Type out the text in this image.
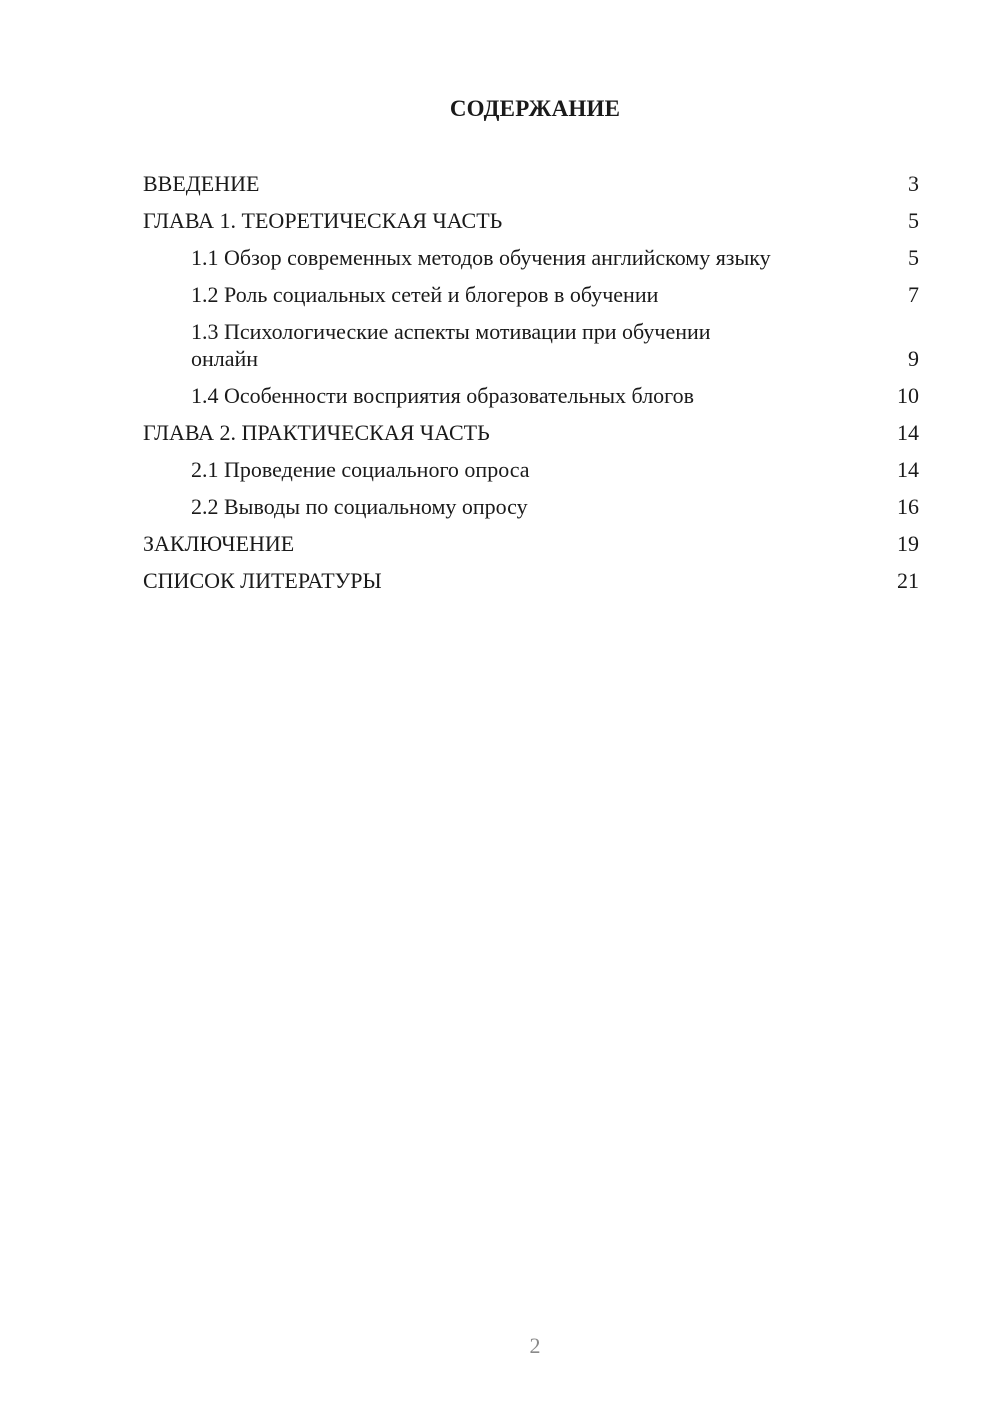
СОДЕРЖАНИЕ
ВВЕДЕНИЕ	3
ГЛАВА 1. ТЕОРЕТИЧЕСКАЯ ЧАСТЬ	5
1.1 Обзор современных методов обучения английскому языку	5
1.2 Роль социальных сетей и блогеров в обучении	7
1.3 Психологические аспекты мотивации при обучении онлайн	9
1.4 Особенности восприятия образовательных блогов	10
ГЛАВА 2. ПРАКТИЧЕСКАЯ ЧАСТЬ	14
2.1 Проведение социального опроса	14
2.2 Выводы по социальному опросу	16
ЗАКЛЮЧЕНИЕ	19
СПИСОК ЛИТЕРАТУРЫ	21
2
